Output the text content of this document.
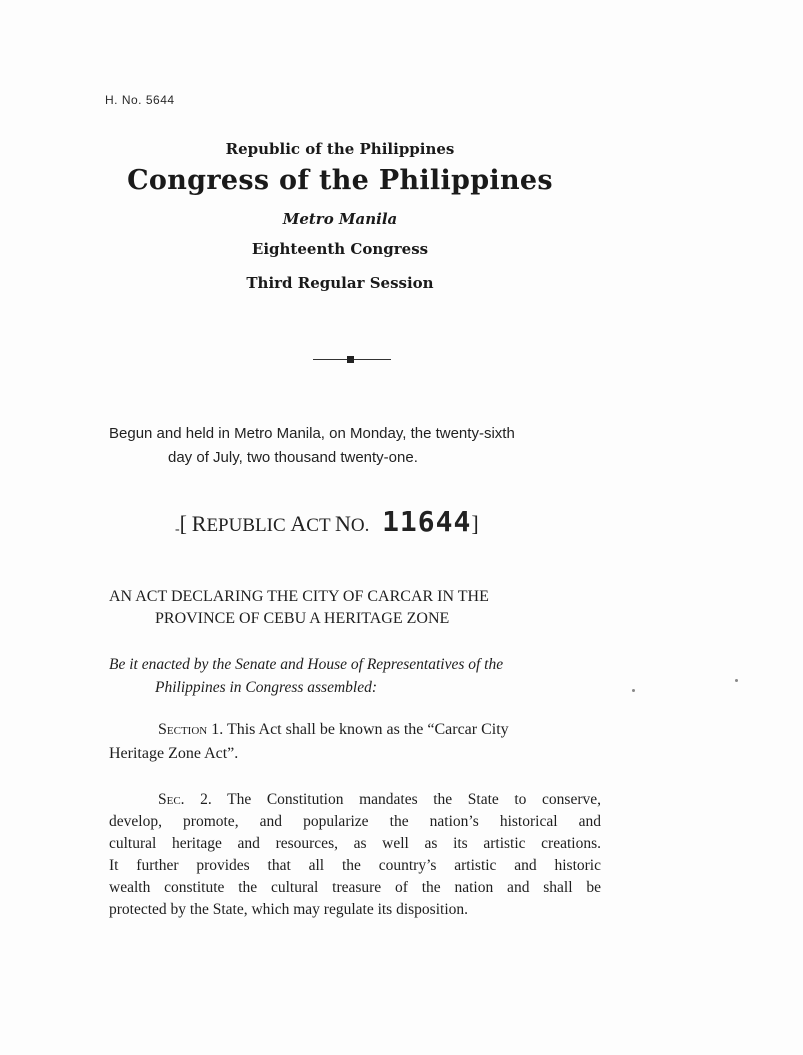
H. No. 5644
Republic of the Philippines
Congress of the Philippines
Metro Manila
Eighteenth Congress
Third Regular Session
Begun and held in Metro Manila, on Monday, the twenty-sixth
day of July, two thousand twenty-one.
-[ REPUBLIC ACT NO. 11644]
AN ACT DECLARING THE CITY OF CARCAR IN THE
PROVINCE OF CEBU A HERITAGE ZONE
Be it enacted by the Senate and House of Representatives of the
Philippines in Congress assembled:
Section 1. This Act shall be known as the “Carcar City
Heritage Zone Act”.
Sec. 2. The Constitution mandates the State to conserve,
develop, promote, and popularize the nation’s historical and
cultural heritage and resources, as well as its artistic creations.
It further provides that all the country’s artistic and historic
wealth constitute the cultural treasure of the nation and shall be
protected by the State, which may regulate its disposition.
